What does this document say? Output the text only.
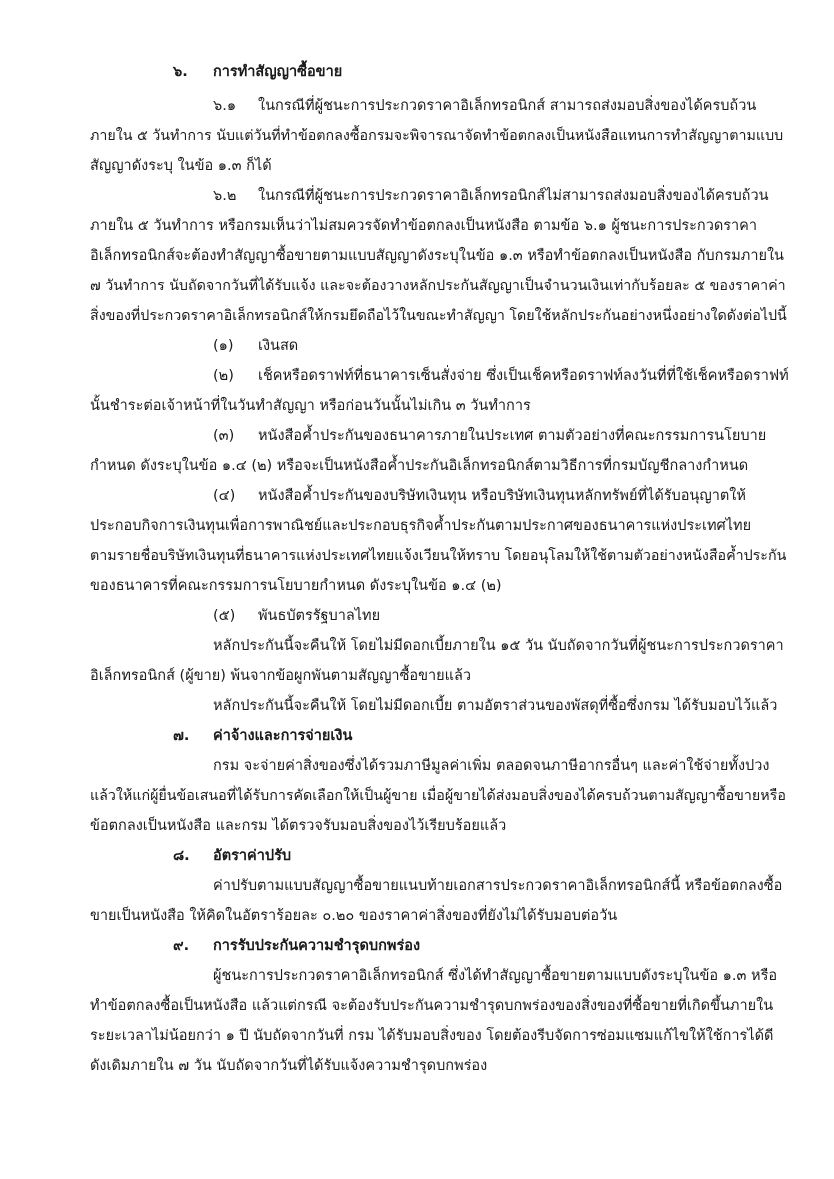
๖. การทำสัญญาซื้อขาย
๖.๑ ในกรณีที่ผู้ชนะการประกวดราคาอิเล็กทรอนิกส์ สามารถส่งมอบสิ่งของได้ครบถ้วน
ภายใน ๕ วันทำการ นับแต่วันที่ทำข้อตกลงซื้อกรมจะพิจารณาจัดทำข้อตกลงเป็นหนังสือแทนการทำสัญญาตามแบบ
สัญญาดังระบุ ในข้อ ๑.๓ ก็ได้
๖.๒ ในกรณีที่ผู้ชนะการประกวดราคาอิเล็กทรอนิกส์ไม่สามารถส่งมอบสิ่งของได้ครบถ้วน
ภายใน ๕ วันทำการ หรือกรมเห็นว่าไม่สมควรจัดทำข้อตกลงเป็นหนังสือ ตามข้อ ๖.๑ ผู้ชนะการประกวดราคา
อิเล็กทรอนิกส์จะต้องทำสัญญาซื้อขายตามแบบสัญญาดังระบุในข้อ ๑.๓ หรือทำข้อตกลงเป็นหนังสือ กับกรมภายใน
๗ วันทำการ นับถัดจากวันที่ได้รับแจ้ง และจะต้องวางหลักประกันสัญญาเป็นจำนวนเงินเท่ากับร้อยละ ๕ ของราคาค่า
สิ่งของที่ประกวดราคาอิเล็กทรอนิกส์ให้กรมยึดถือไว้ในขณะทำสัญญา โดยใช้หลักประกันอย่างหนึ่งอย่างใดดังต่อไปนี้
(๑) เงินสด
(๒) เช็คหรือดราฟท์ที่ธนาคารเซ็นสั่งจ่าย ซึ่งเป็นเช็คหรือดราฟท์ลงวันที่ที่ใช้เช็คหรือดราฟท์
นั้นชำระต่อเจ้าหน้าที่ในวันทำสัญญา หรือก่อนวันนั้นไม่เกิน ๓ วันทำการ
(๓) หนังสือค้ำประกันของธนาคารภายในประเทศ ตามตัวอย่างที่คณะกรรมการนโยบาย
กำหนด ดังระบุในข้อ ๑.๔ (๒) หรือจะเป็นหนังสือค้ำประกันอิเล็กทรอนิกส์ตามวิธีการที่กรมบัญชีกลางกำหนด
(๔) หนังสือค้ำประกันของบริษัทเงินทุน หรือบริษัทเงินทุนหลักทรัพย์ที่ได้รับอนุญาตให้
ประกอบกิจการเงินทุนเพื่อการพาณิชย์และประกอบธุรกิจค้ำประกันตามประกาศของธนาคารแห่งประเทศไทย
ตามรายชื่อบริษัทเงินทุนที่ธนาคารแห่งประเทศไทยแจ้งเวียนให้ทราบ โดยอนุโลมให้ใช้ตามตัวอย่างหนังสือค้ำประกัน
ของธนาคารที่คณะกรรมการนโยบายกำหนด ดังระบุในข้อ ๑.๔ (๒)
(๕) พันธบัตรรัฐบาลไทย
หลักประกันนี้จะคืนให้ โดยไม่มีดอกเบี้ยภายใน ๑๕ วัน นับถัดจากวันที่ผู้ชนะการประกวดราคา
อิเล็กทรอนิกส์ (ผู้ขาย) พ้นจากข้อผูกพันตามสัญญาซื้อขายแล้ว
หลักประกันนี้จะคืนให้ โดยไม่มีดอกเบี้ย ตามอัตราส่วนของพัสดุที่ซื้อซึ่งกรม ได้รับมอบไว้แล้ว
๗. ค่าจ้างและการจ่ายเงิน
กรม จะจ่ายค่าสิ่งของซึ่งได้รวมภาษีมูลค่าเพิ่ม ตลอดจนภาษีอากรอื่นๆ และค่าใช้จ่ายทั้งปวง
แล้วให้แก่ผู้ยื่นข้อเสนอที่ได้รับการคัดเลือกให้เป็นผู้ขาย เมื่อผู้ขายได้ส่งมอบสิ่งของได้ครบถ้วนตามสัญญาซื้อขายหรือ
ข้อตกลงเป็นหนังสือ และกรม ได้ตรวจรับมอบสิ่งของไว้เรียบร้อยแล้ว
๘. อัตราค่าปรับ
ค่าปรับตามแบบสัญญาซื้อขายแนบท้ายเอกสารประกวดราคาอิเล็กทรอนิกส์นี้ หรือข้อตกลงซื้อ
ขายเป็นหนังสือ ให้คิดในอัตราร้อยละ ๐.๒๐ ของราคาค่าสิ่งของที่ยังไม่ได้รับมอบต่อวัน
๙. การรับประกันความชำรุดบกพร่อง
ผู้ชนะการประกวดราคาอิเล็กทรอนิกส์ ซึ่งได้ทำสัญญาซื้อขายตามแบบดังระบุในข้อ ๑.๓ หรือ
ทำข้อตกลงซื้อเป็นหนังสือ แล้วแต่กรณี จะต้องรับประกันความชำรุดบกพร่องของสิ่งของที่ซื้อขายที่เกิดขึ้นภายใน
ระยะเวลาไม่น้อยกว่า ๑ ปี นับถัดจากวันที่ กรม ได้รับมอบสิ่งของ โดยต้องรีบจัดการซ่อมแซมแก้ไขให้ใช้การได้ดี
ดังเดิมภายใน ๗ วัน นับถัดจากวันที่ได้รับแจ้งความชำรุดบกพร่อง
